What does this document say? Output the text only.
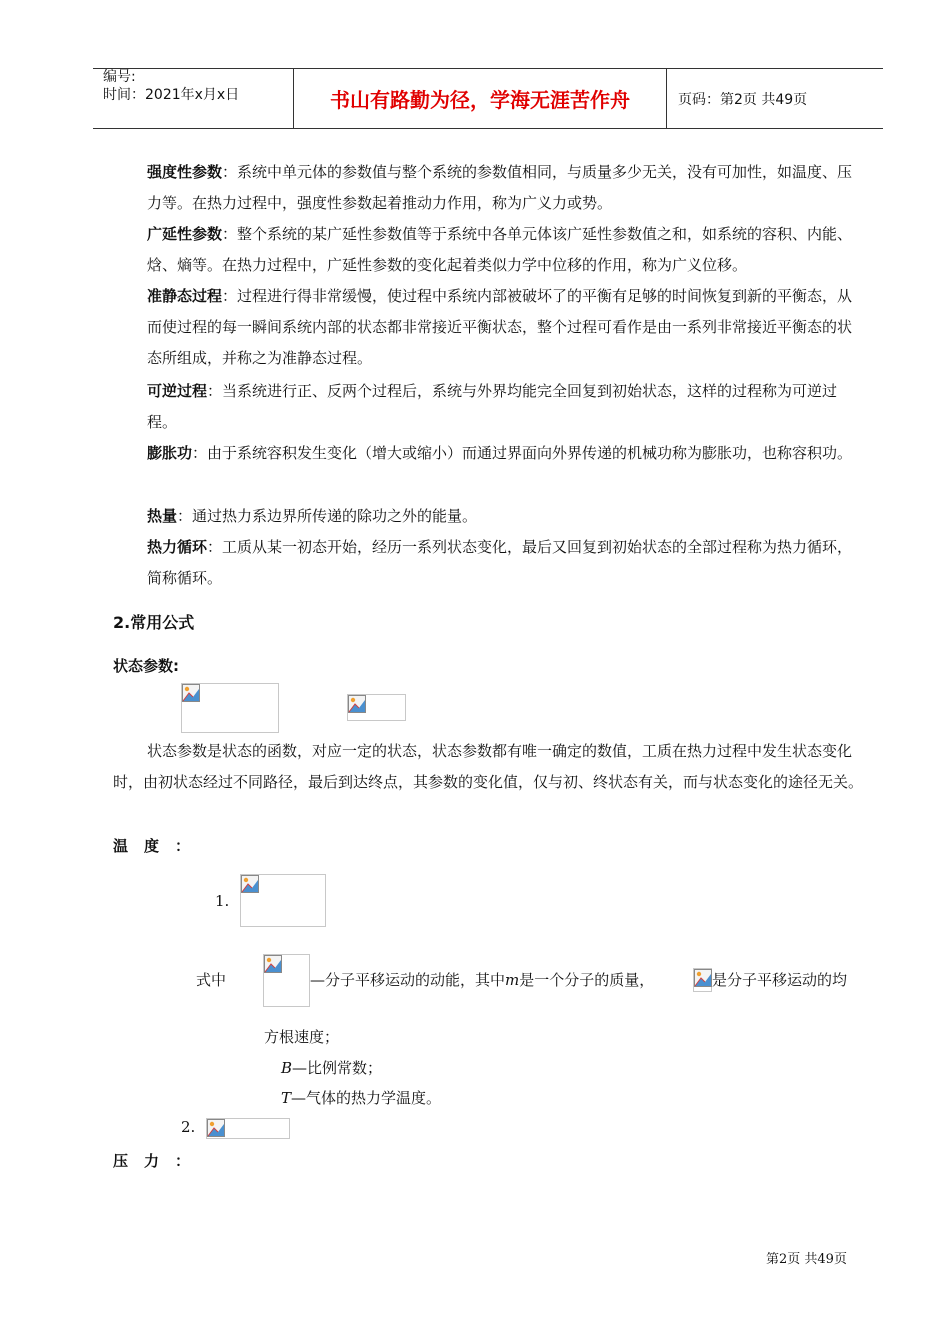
编号:
时间：2021年x月x日	书山有路勤为径，学海无涯苦作舟	页码：第2页 共49页
强度性参数：系统中单元体的参数值与整个系统的参数值相同，与质量多少无关，没有可加性，如温度、压力等。在热力过程中，强度性参数起着推动力作用，称为广义力或势。
广延性参数：整个系统的某广延性参数值等于系统中各单元体该广延性参数值之和，如系统的容积、内能、焓、熵等。在热力过程中，广延性参数的变化起着类似力学中位移的作用，称为广义位移。
准静态过程：过程进行得非常缓慢，使过程中系统内部被破坏了的平衡有足够的时间恢复到新的平衡态，从而使过程的每一瞬间系统内部的状态都非常接近平衡状态，整个过程可看作是由一系列非常接近平衡态的状态所组成，并称之为准静态过程。
可逆过程：当系统进行正、反两个过程后，系统与外界均能完全回复到初始状态，这样的过程称为可逆过程。
膨胀功：由于系统容积发生变化（增大或缩小）而通过界面向外界传递的机械功称为膨胀功，也称容积功。
热量：通过热力系边界所传递的除功之外的能量。
热力循环：工质从某一初态开始，经历一系列状态变化，最后又回复到初始状态的全部过程称为热力循环，简称循环。
2.常用公式
状态参数:
状态参数是状态的函数，对应一定的状态，状态参数都有唯一确定的数值，工质在热力过程中发生状态变化时，由初状态经过不同路径，最后到达终点，其参数的变化值，仅与初、终状态有关，而与状态变化的途径无关。
温度：
1.
式中	—分子平移运动的动能，其中m是一个分子的质量，	是分子平移运动的均
方根速度；
B—比例常数；
T—气体的热力学温度。
2.
压力：
第2页 共49页
